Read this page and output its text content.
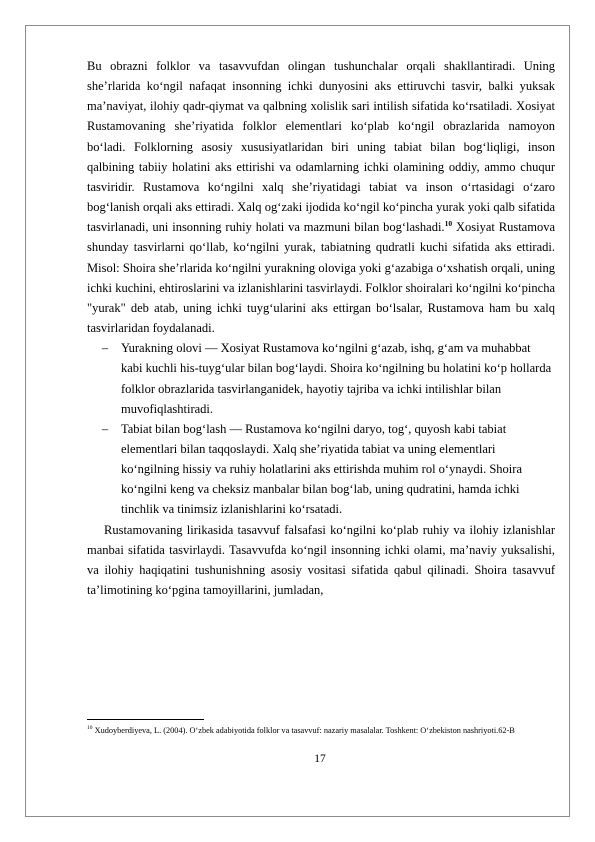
Bu obrazni folklor va tasavvufdan olingan tushunchalar orqali shakllantiradi. Uning she’rlarida ko‘ngil nafaqat insonning ichki dunyosini aks ettiruvchi tasvir, balki yuksak ma’naviyat, ilohiy qadr-qiymat va qalbning xolislik sari intilish sifatida ko‘rsatiladi. Xosiyat Rustamovaning she’riyatida folklor elementlari ko‘plab ko‘ngil obrazlarida namoyon bo‘ladi. Folklorning asosiy xususiyatlaridan biri uning tabiat bilan bog‘liqligi, inson qalbining tabiiy holatini aks ettirishi va odamlarning ichki olamining oddiy, ammo chuqur tasviridir. Rustamova ko‘ngilni xalq she’riyatidagi tabiat va inson o‘rtasidagi o‘zaro bog‘lanish orqali aks ettiradi. Xalq og‘zaki ijodida ko‘ngil ko‘pincha yurak yoki qalb sifatida tasvirlanadi, uni insonning ruhiy holati va mazmuni bilan bog‘lashadi.$^{10}$ Xosiyat Rustamova shunday tasvirlarni qo‘llab, ko‘ngilni yurak, tabiatning qudratli kuchi sifatida aks ettiradi. Misol: Shoira she’rlarida ko‘ngilni yurakning oloviga yoki g‘azabiga o‘xshatish orqali, uning ichki kuchini, ehtiroslarini va izlanishlarini tasvirlaydi. Folklor shoiralari ko‘ngilni ko‘pincha "yurak" deb atab, uning ichki tuyg‘ularini aks ettirgan bo‘lsalar, Rustamova ham bu xalq tasvirlaridan foydalanadi.

– Yurakning olovi — Xosiyat Rustamova ko‘ngilni g‘azab, ishq, g‘am va muhabbat kabi kuchli his-tuyg‘ular bilan bog‘laydi. Shoira ko‘ngilning bu holatini ko‘p hollarda folklor obrazlarida tasvirlanganidek, hayotiy tajriba va ichki intilishlar bilan muvofiqlashtiradi.
– Tabiat bilan bog‘lash — Rustamova ko‘ngilni daryo, tog‘, quyosh kabi tabiat elementlari bilan taqqoslaydi. Xalq she’riyatida tabiat va uning elementlari ko‘ngilning hissiy va ruhiy holatlarini aks ettirishda muhim rol o‘ynaydi. Shoira ko‘ngilni keng va cheksiz manbalar bilan bog‘lab, uning qudratini, hamda ichki tinchlik va tinimsiz izlanishlarini ko‘rsatadi.

Rustamovaning lirikasida tasavvuf falsafasi ko‘ngilni ko‘plab ruhiy va ilohiy izlanishlar manbai sifatida tasvirlaydi. Tasavvufda ko‘ngil insonning ichki olami, ma’naviy yuksalishi, va ilohiy haqiqatini tushunishning asosiy vositasi sifatida qabul qilinadi. Shoira tasavvuf ta’limotining ko‘pgina tamoyillarini, jumladan,

$^{10}$ Xudoyberdiyeva, L. (2004). O‘zbek adabiyotida folklor va tasavvuf: nazariy masalalar. Toshkent: O‘zbekiston nashriyoti.62-B
17
